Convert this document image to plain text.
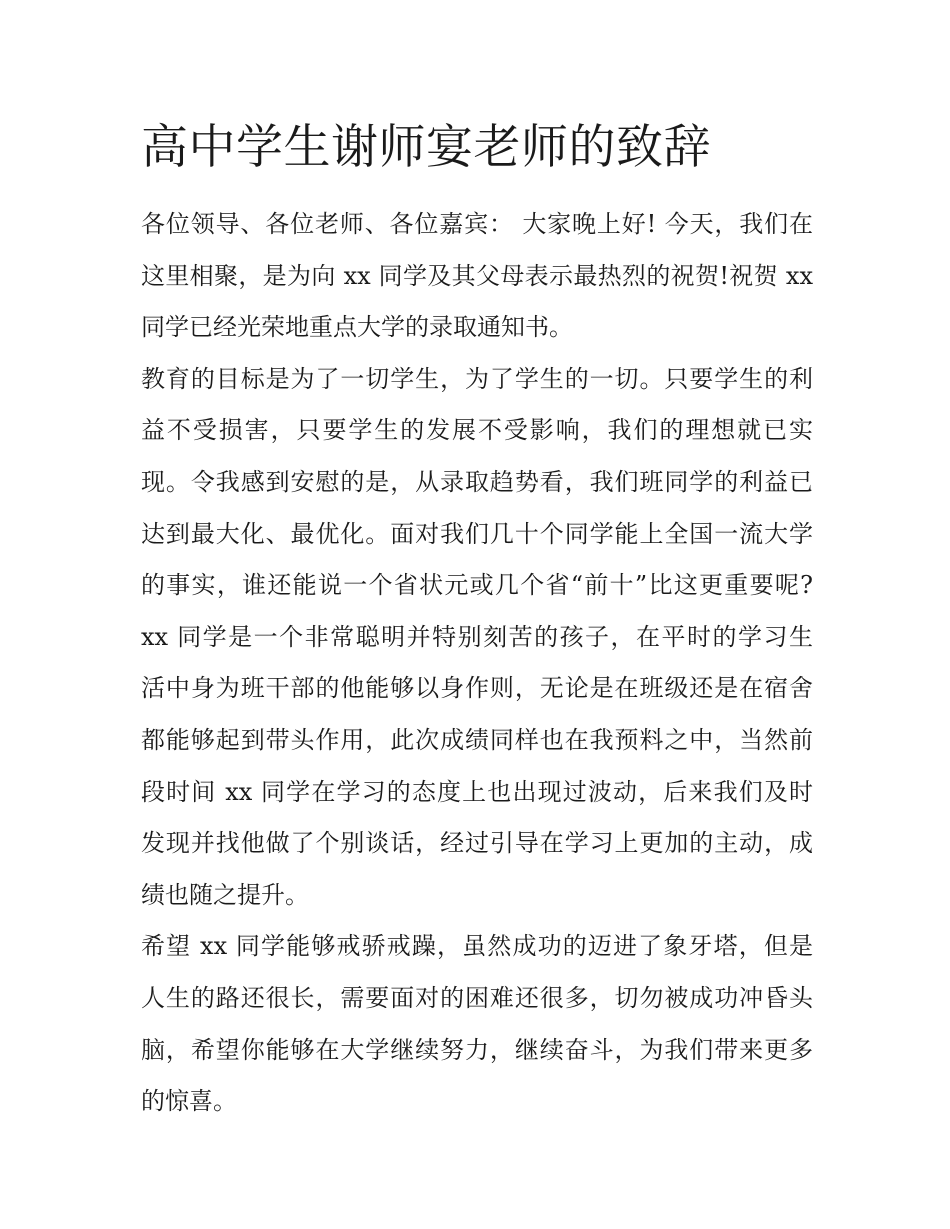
高中学生谢师宴老师的致辞
各位领导、各位老师、各位嘉宾： 大家晚上好! 今天，我们在
这里相聚，是为向 xx 同学及其父母表示最热烈的祝贺!祝贺 xx
同学已经光荣地重点大学的录取通知书。
教育的目标是为了一切学生，为了学生的一切。只要学生的利
益不受损害，只要学生的发展不受影响，我们的理想就已实
现。令我感到安慰的是，从录取趋势看，我们班同学的利益已
达到最大化、最优化。面对我们几十个同学能上全国一流大学
的事实，谁还能说一个省状元或几个省“前十”比这更重要呢?
xx 同学是一个非常聪明并特别刻苦的孩子，在平时的学习生
活中身为班干部的他能够以身作则，无论是在班级还是在宿舍
都能够起到带头作用，此次成绩同样也在我预料之中，当然前
段时间 xx 同学在学习的态度上也出现过波动，后来我们及时
发现并找他做了个别谈话，经过引导在学习上更加的主动，成
绩也随之提升。
希望 xx 同学能够戒骄戒躁，虽然成功的迈进了象牙塔，但是
人生的路还很长，需要面对的困难还很多，切勿被成功冲昏头
脑，希望你能够在大学继续努力，继续奋斗，为我们带来更多
的惊喜。
